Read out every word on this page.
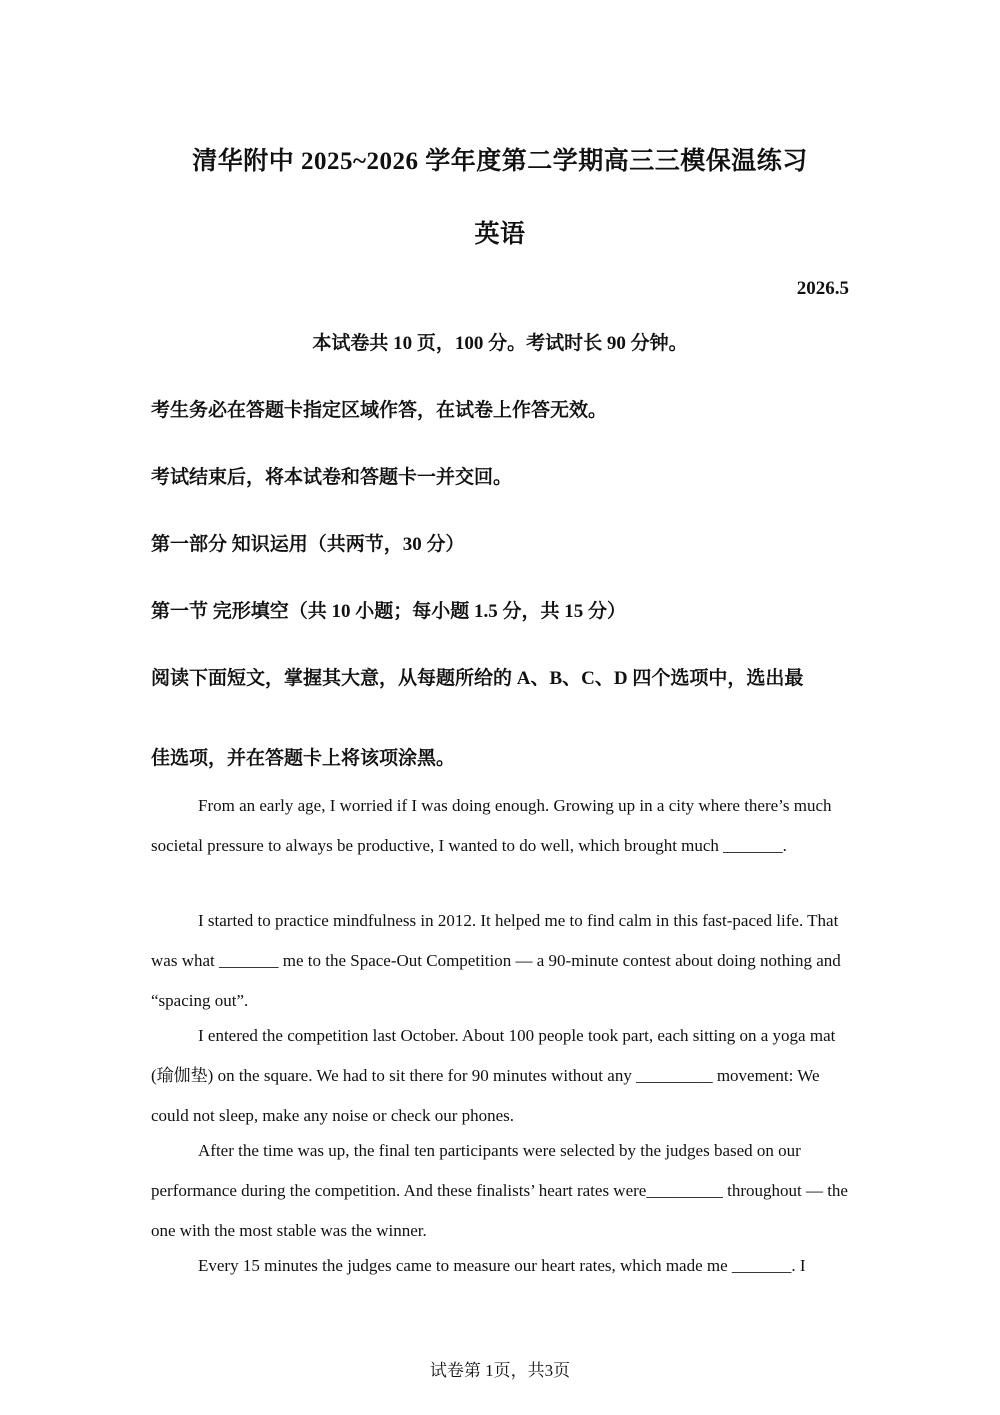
清华附中 2025~2026 学年度第二学期高三三模保温练习
英语
2026.5
本试卷共 10 页，100 分。考试时长 90 分钟。
考生务必在答题卡指定区域作答，在试卷上作答无效。
考试结束后，将本试卷和答题卡一并交回。
第一部分 知识运用（共两节，30 分）
第一节 完形填空（共 10 小题；每小题 1.5 分，共 15 分）
阅读下面短文，掌握其大意，从每题所给的 A、B、C、D 四个选项中，选出最
佳选项，并在答题卡上将该项涂黑。

From an early age, I worried if I was doing enough. Growing up in a city where there’s much societal pressure to always be productive, I wanted to do well, which brought much _______.

I started to practice mindfulness in 2012. It helped me to find calm in this fast-paced life. That was what _______ me to the Space-Out Competition — a 90-minute contest about doing nothing and “spacing out”.

I entered the competition last October. About 100 people took part, each sitting on a yoga mat (瑜伽垫) on the square. We had to sit there for 90 minutes without any _________ movement: We could not sleep, make any noise or check our phones.

After the time was up, the final ten participants were selected by the judges based on our performance during the competition. And these finalists’ heart rates were_________ throughout — the one with the most stable was the winner.

Every 15 minutes the judges came to measure our heart rates, which made me _______. I

试卷第 1页，共3页
